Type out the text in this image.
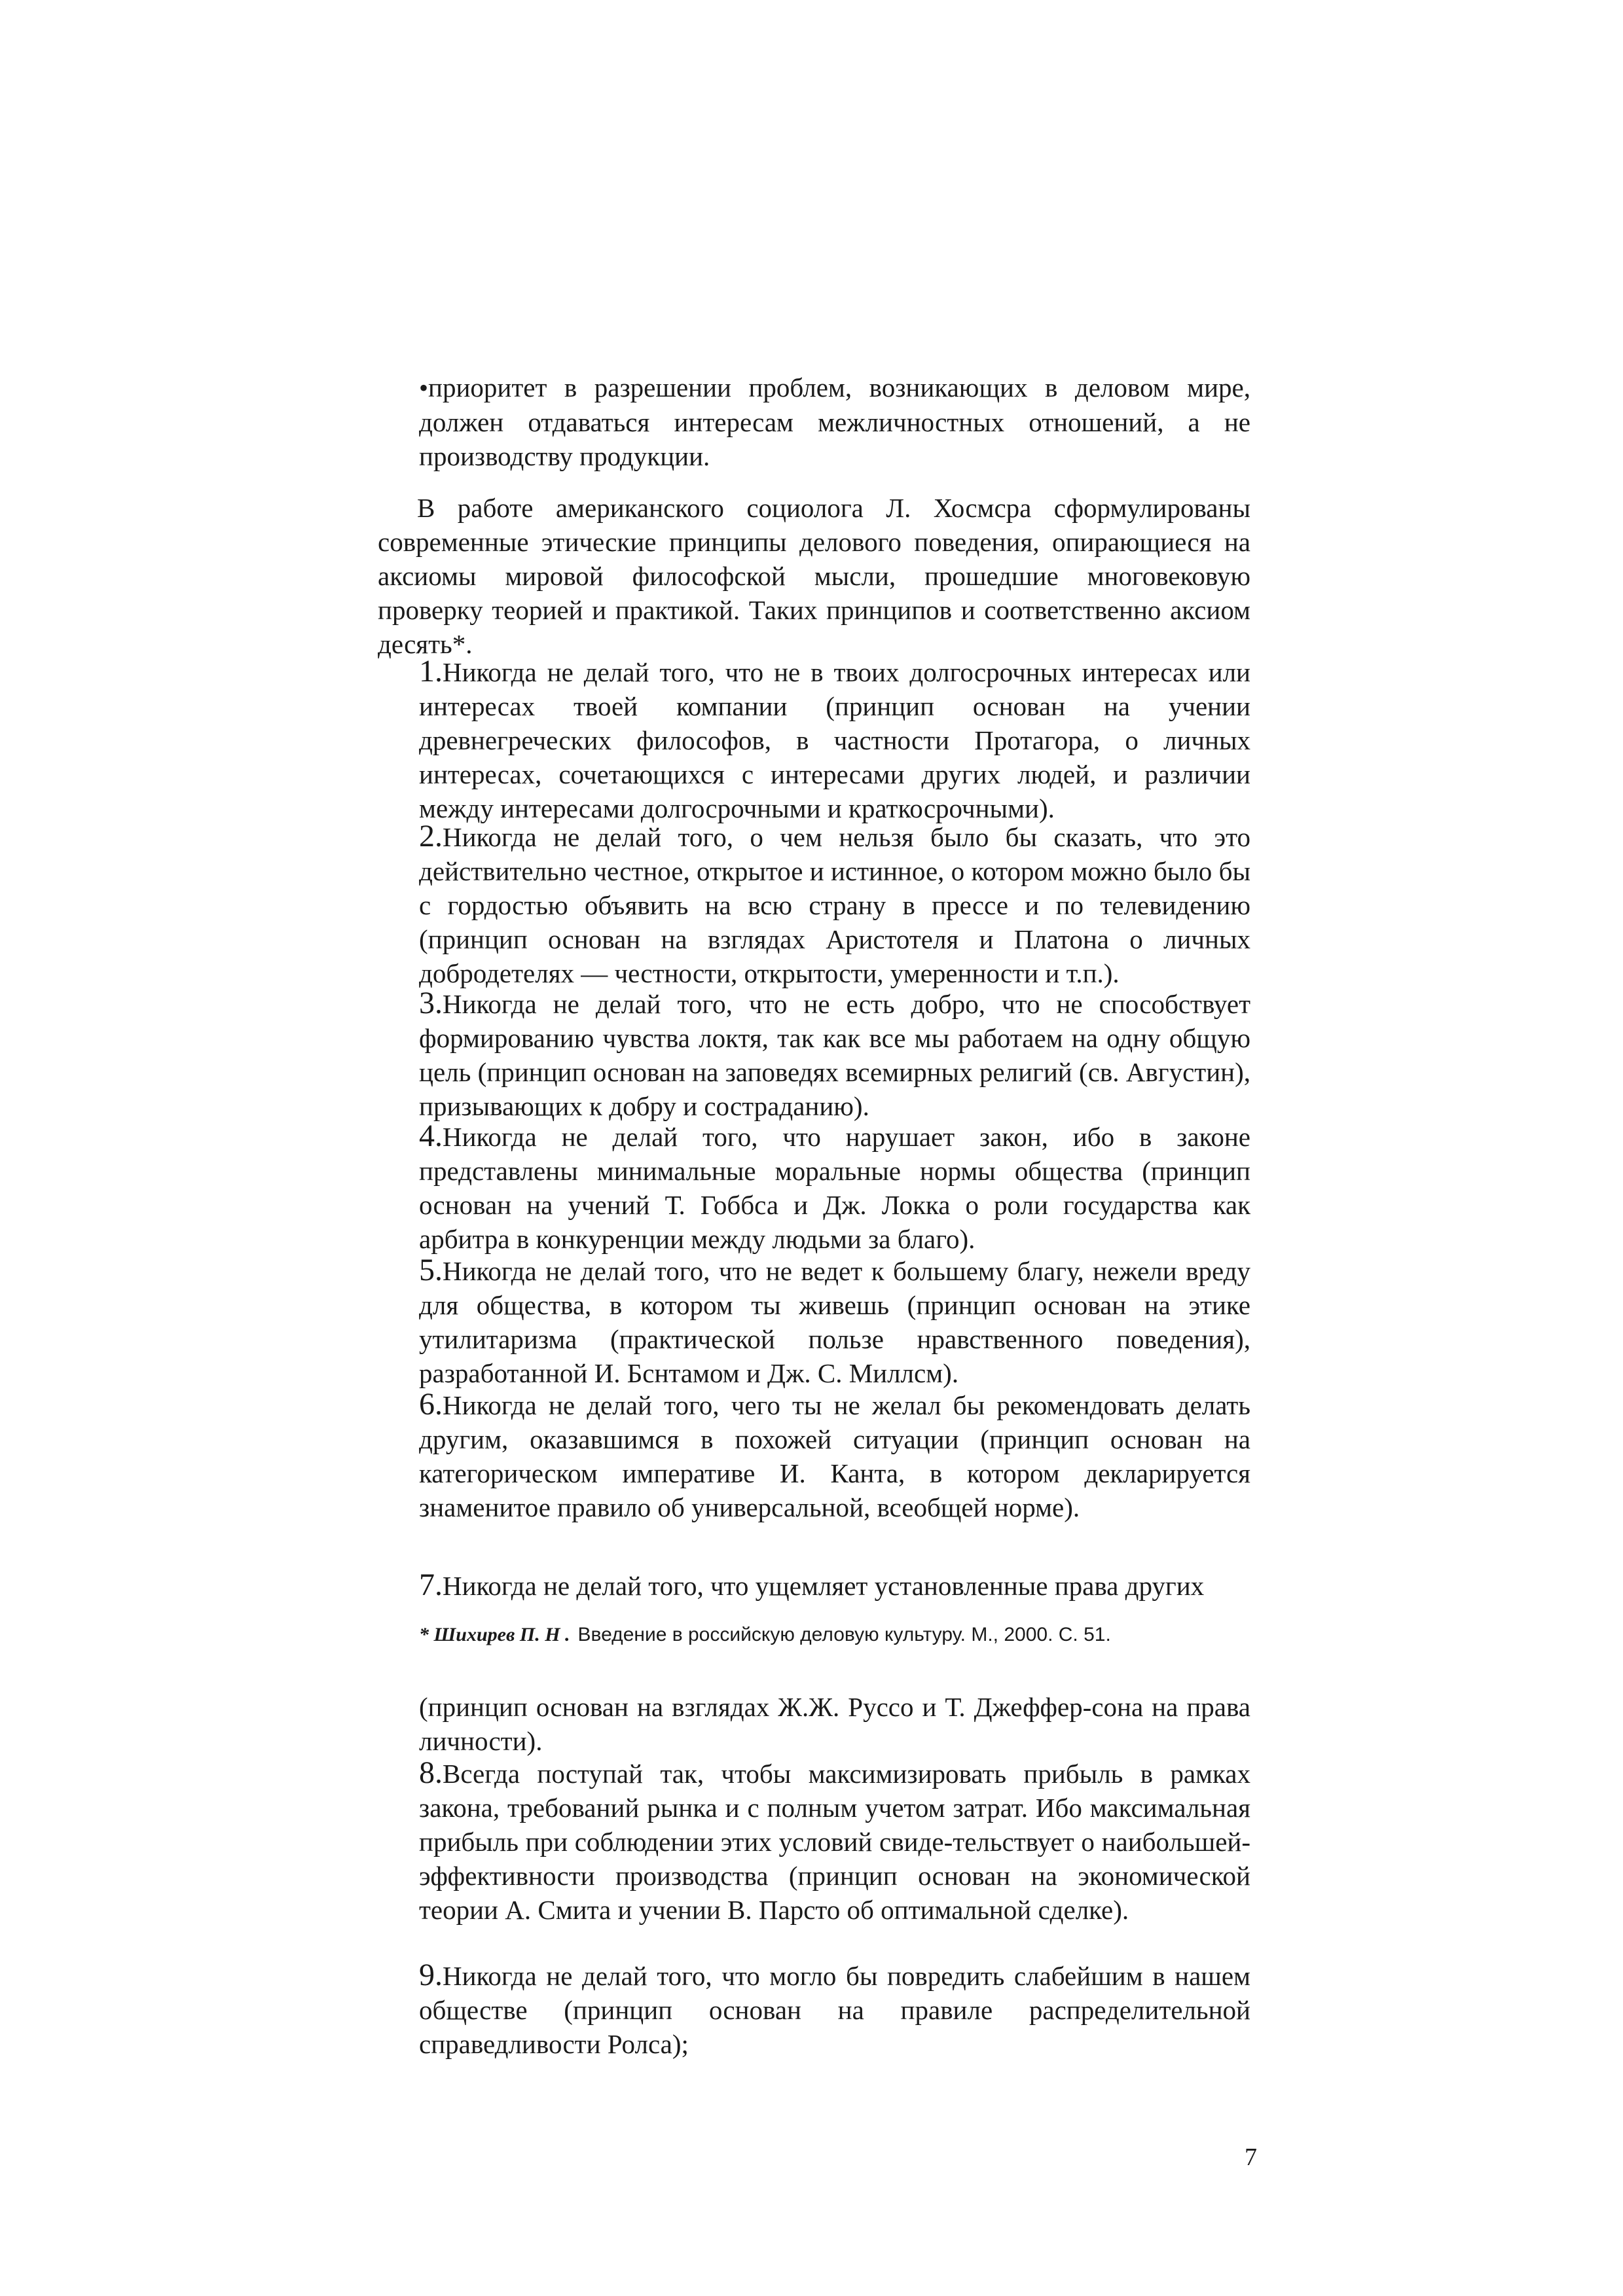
•приоритет в разрешении проблем, возникающих в деловом мире, должен отдаваться интересам межличностных отношений, а не производству продукции.

В работе американского социолога Л. Хосмсра сформулированы современные этические принципы делового поведения, опирающиеся на аксиомы мировой философской мысли, прошедшие многовековую проверку теорией и практикой. Таких принципов и соответственно аксиом десять*.

1.Никогда не делай того, что не в твоих долгосрочных интересах или интересах твоей компании (принцип основан на учении древнегреческих философов, в частности Протагора, о личных интересах, сочетающихся с интересами других людей, и различии между интересами долгосрочными и краткосрочными).

2.Никогда не делай того, о чем нельзя было бы сказать, что это действительно честное, открытое и истинное, о котором можно было бы с гордостью объявить на всю страну в прессе и по телевидению (принцип основан на взглядах Аристотеля и Платона о личных добродетелях — честности, открытости, умеренности и т.п.).

3.Никогда не делай того, что не есть добро, что не способствует формированию чувства локтя, так как все мы работаем на одну общую цель (принцип основан на заповедях всемирных религий (св. Августин), призывающих к добру и состраданию).

4.Никогда не делай того, что нарушает закон, ибо в законе представлены минимальные моральные нормы общества (принцип основан на учений Т. Гоббса и Дж. Локка о роли государства как арбитра в конкуренции между людьми за благо).

5.Никогда не делай того, что не ведет к большему благу, нежели вреду для общества, в котором ты живешь (принцип основан на этике утилитаризма (практической пользе нравственного поведения), разработанной И. Бснтамом и Дж. С. Миллсм).

6.Никогда не делай того, чего ты не желал бы рекомендовать делать другим, оказавшимся в похожей ситуации (принцип основан на категорическом императиве И. Канта, в котором декларируется знаменитое правило об универсальной, всеобщей норме).

7.Никогда не делай того, что ущемляет установленные права других

* Шихирев П. Н . Введение в российскую деловую культуру. М., 2000. С. 51.

(принцип основан на взглядах Ж.Ж. Руссо и Т. Джеффер-сона на права личности).

8.Всегда поступай так, чтобы максимизировать прибыль в рамках закона, требований рынка и с полным учетом затрат. Ибо максимальная прибыль при соблюдении этих условий свиде-тельствует о наибольшей-эффективности производства (принцип основан на экономической теории А. Смита и учении В. Парсто об оптимальной сделке).

9.Никогда не делай того, что могло бы повредить слабейшим в нашем обществе (принцип основан на правиле распределительной справедливости Ролса);

7
